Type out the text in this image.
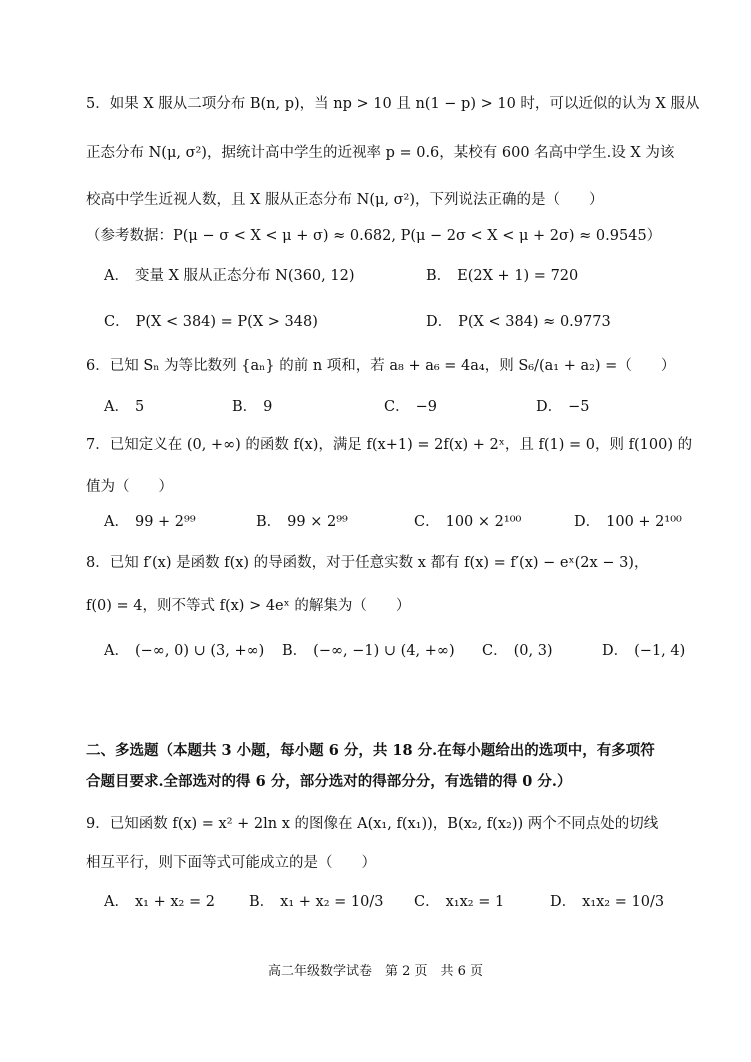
5．如果 X 服从二项分布 B(n, p)，当 np > 10 且 n(1 − p) > 10 时，可以近似的认为 X 服从
正态分布 N(μ, σ²)，据统计高中学生的近视率 p = 0.6，某校有 600 名高中学生.设 X 为该
校高中学生近视人数，且 X 服从正态分布 N(μ, σ²)，下列说法正确的是（　　）
（参考数据：P(μ − σ < X < μ + σ) ≈ 0.682, P(μ − 2σ < X < μ + 2σ) ≈ 0.9545）
A． 变量 X 服从正态分布 N(360, 12)	B． E(2X + 1) = 720
C． P(X < 384) = P(X > 348)	D． P(X < 384) ≈ 0.9773
6．已知 Sₙ 为等比数列 {aₙ} 的前 n 项和，若 a₈ + a₆ = 4a₄，则 S₆/(a₁ + a₂) =（　　）
A． 5	B． 9	C． −9	D． −5
7．已知定义在 (0, +∞) 的函数 f(x)，满足 f(x+1) = 2f(x) + 2ˣ，且 f(1) = 0，则 f(100) 的
值为（　　）
A． 99 + 2⁹⁹	B． 99 × 2⁹⁹	C． 100 × 2¹⁰⁰	D． 100 + 2¹⁰⁰
8．已知 f′(x) 是函数 f(x) 的导函数，对于任意实数 x 都有 f(x) = f′(x) − eˣ(2x − 3)，
f(0) = 4，则不等式 f(x) > 4eˣ 的解集为（　　）
A． (−∞, 0) ∪ (3, +∞) B． (−∞, −1) ∪ (4, +∞) C． (0, 3)	D． (−1, 4)
二、多选题（本题共 3 小题，每小题 6 分，共 18 分.在每小题给出的选项中，有多项符
合题目要求.全部选对的得 6 分，部分选对的得部分分，有选错的得 0 分.）
9．已知函数 f(x) = x² + 2ln x 的图像在 A(x₁, f(x₁))，B(x₂, f(x₂)) 两个不同点处的切线
相互平行，则下面等式可能成立的是（　　）
A． x₁ + x₂ = 2 B． x₁ + x₂ = 10/3 C． x₁x₂ = 1	D． x₁x₂ = 10/3
高二年级数学试卷　第 2 页　共 6 页
